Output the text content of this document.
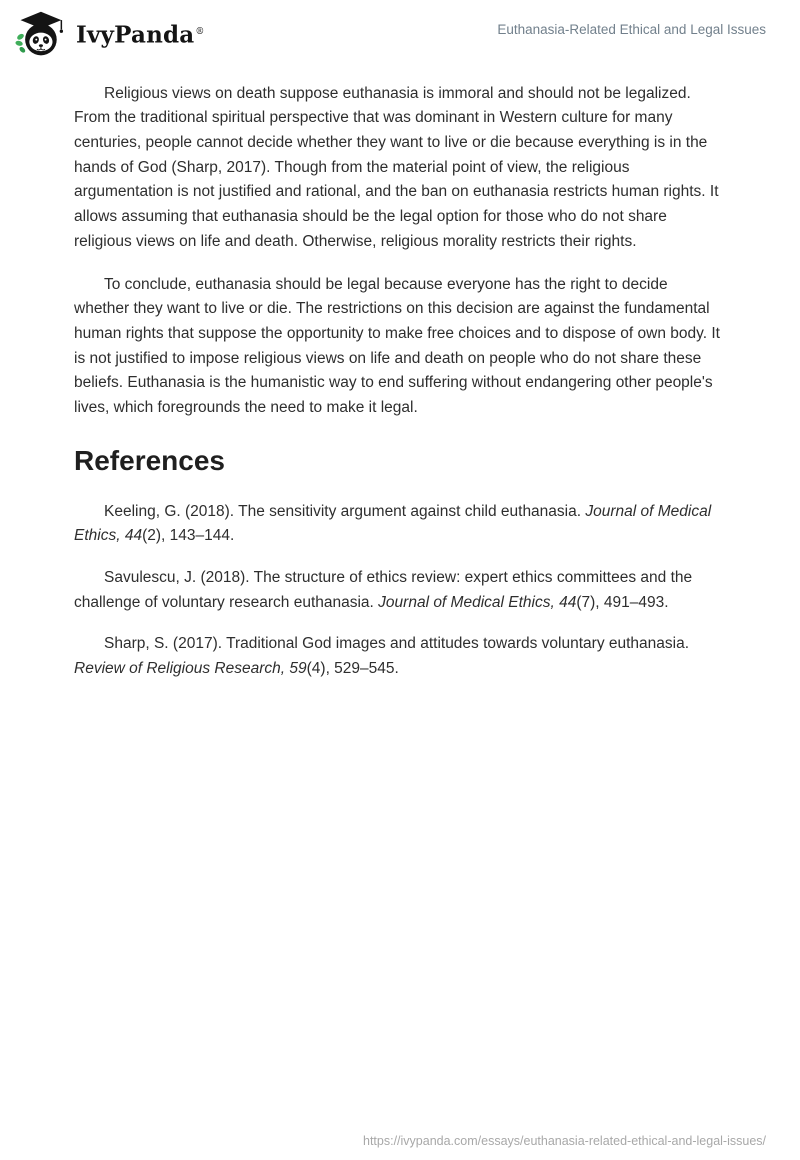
IvyPanda®	Euthanasia-Related Ethical and Legal Issues

Religious views on death suppose euthanasia is immoral and should not be legalized. From the traditional spiritual perspective that was dominant in Western culture for many centuries, people cannot decide whether they want to live or die because everything is in the hands of God (Sharp, 2017). Though from the material point of view, the religious argumentation is not justified and rational, and the ban on euthanasia restricts human rights. It allows assuming that euthanasia should be the legal option for those who do not share religious views on life and death. Otherwise, religious morality restricts their rights.

To conclude, euthanasia should be legal because everyone has the right to decide whether they want to live or die. The restrictions on this decision are against the fundamental human rights that suppose the opportunity to make free choices and to dispose of own body. It is not justified to impose religious views on life and death on people who do not share these beliefs. Euthanasia is the humanistic way to end suffering without endangering other people's lives, which foregrounds the need to make it legal.

References

Keeling, G. (2018). The sensitivity argument against child euthanasia. Journal of Medical Ethics, 44(2), 143–144.

Savulescu, J. (2018). The structure of ethics review: expert ethics committees and the challenge of voluntary research euthanasia. Journal of Medical Ethics, 44(7), 491–493.

Sharp, S. (2017). Traditional God images and attitudes towards voluntary euthanasia. Review of Religious Research, 59(4), 529–545.

https://ivypanda.com/essays/euthanasia-related-ethical-and-legal-issues/
